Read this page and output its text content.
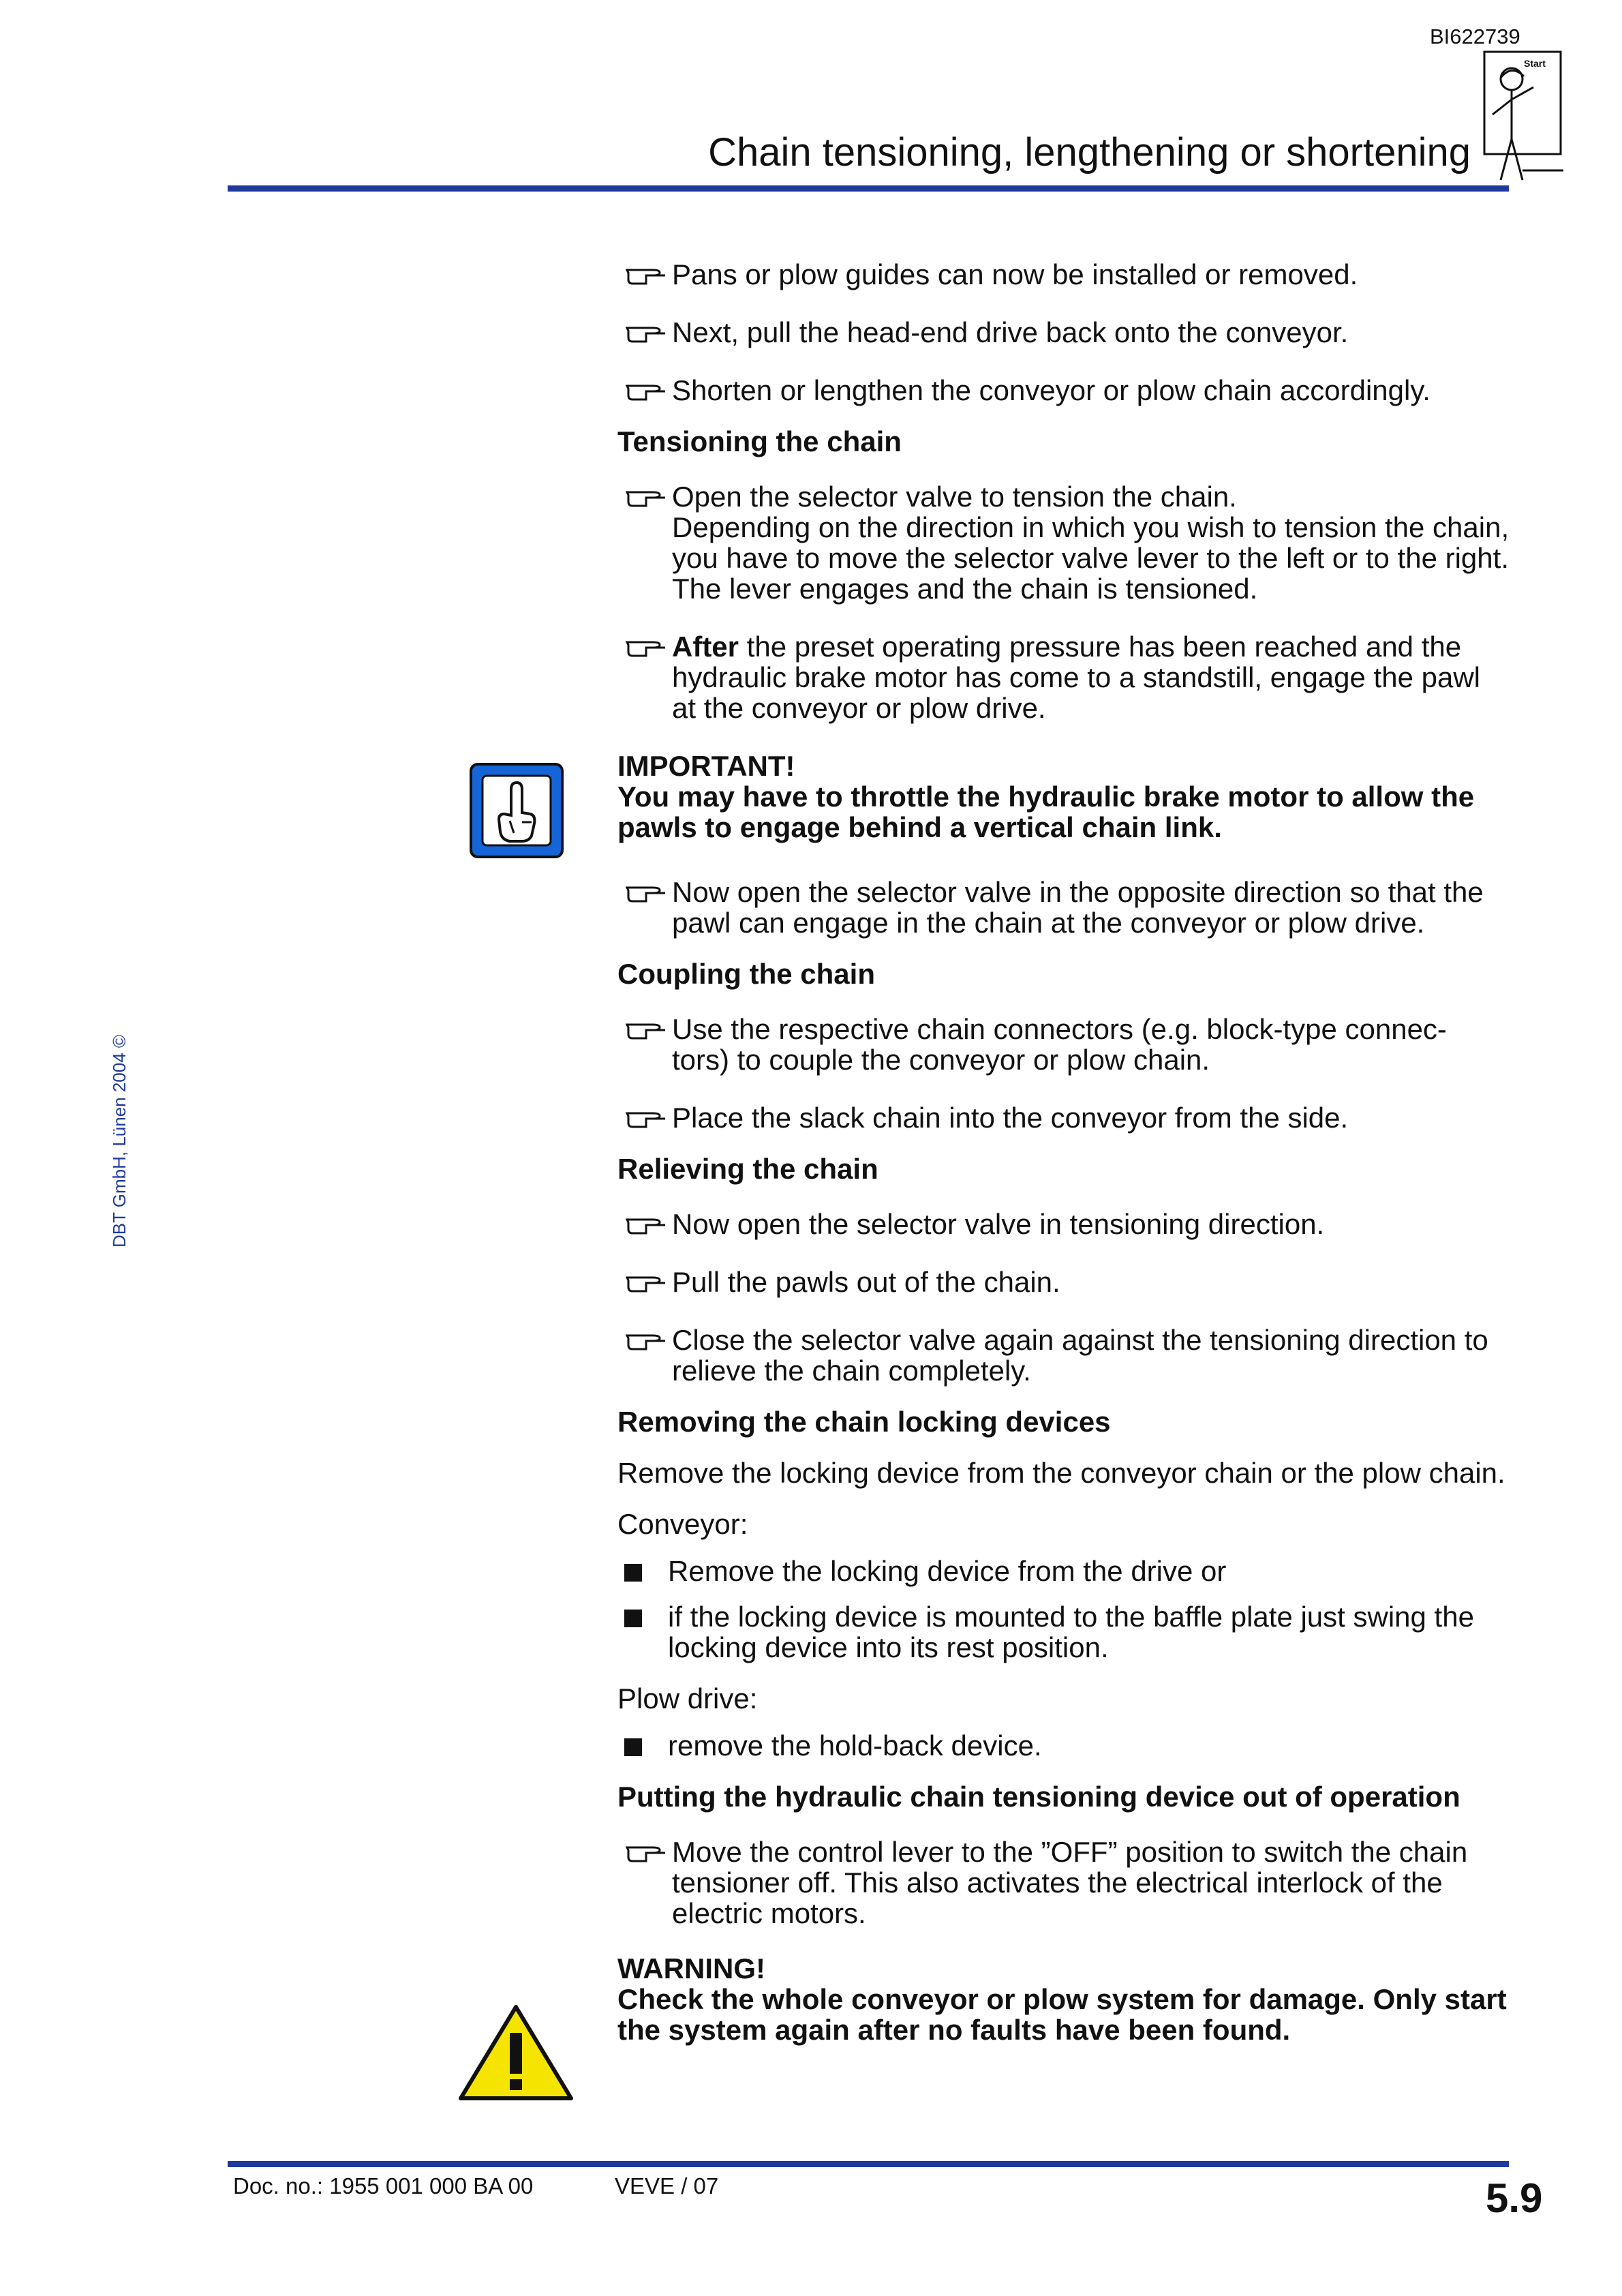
BI622739
Chain tensioning, lengthening or shortening
Start
DBT GmbH, Lünen 2004 ©
Pans or plow guides can now be installed or removed.
Next, pull the head-end drive back onto the conveyor.
Shorten or lengthen the conveyor or plow chain accordingly.
Tensioning the chain
Open the selector valve to tension the chain.
Depending on the direction in which you wish to tension the chain, you have to move the selector valve lever to the left or to the right. The lever engages and the chain is tensioned.
After the preset operating pressure has been reached and the hydraulic brake motor has come to a standstill, engage the pawl at the conveyor or plow drive.
IMPORTANT!
You may have to throttle the hydraulic brake motor to allow the pawls to engage behind a vertical chain link.
Now open the selector valve in the opposite direction so that the pawl can engage in the chain at the conveyor or plow drive.
Coupling the chain
Use the respective chain connectors (e.g. block-type connec- tors) to couple the conveyor or plow chain.
Place the slack chain into the conveyor from the side.
Relieving the chain
Now open the selector valve in tensioning direction.
Pull the pawls out of the chain.
Close the selector valve again against the tensioning direction to relieve the chain completely.
Removing the chain locking devices
Remove the locking device from the conveyor chain or the plow chain.
Conveyor:
Remove the locking device from the drive or
if the locking device is mounted to the baffle plate just swing the locking device into its rest position.
Plow drive:
remove the hold-back device.
Putting the hydraulic chain tensioning device out of operation
Move the control lever to the ”OFF” position to switch the chain tensioner off. This also activates the electrical interlock of the electric motors.
WARNING!
Check the whole conveyor or plow system for damage. Only start the system again after no faults have been found.
Doc. no.: 1955 001 000 BA 00	VEVE / 07	5.9
